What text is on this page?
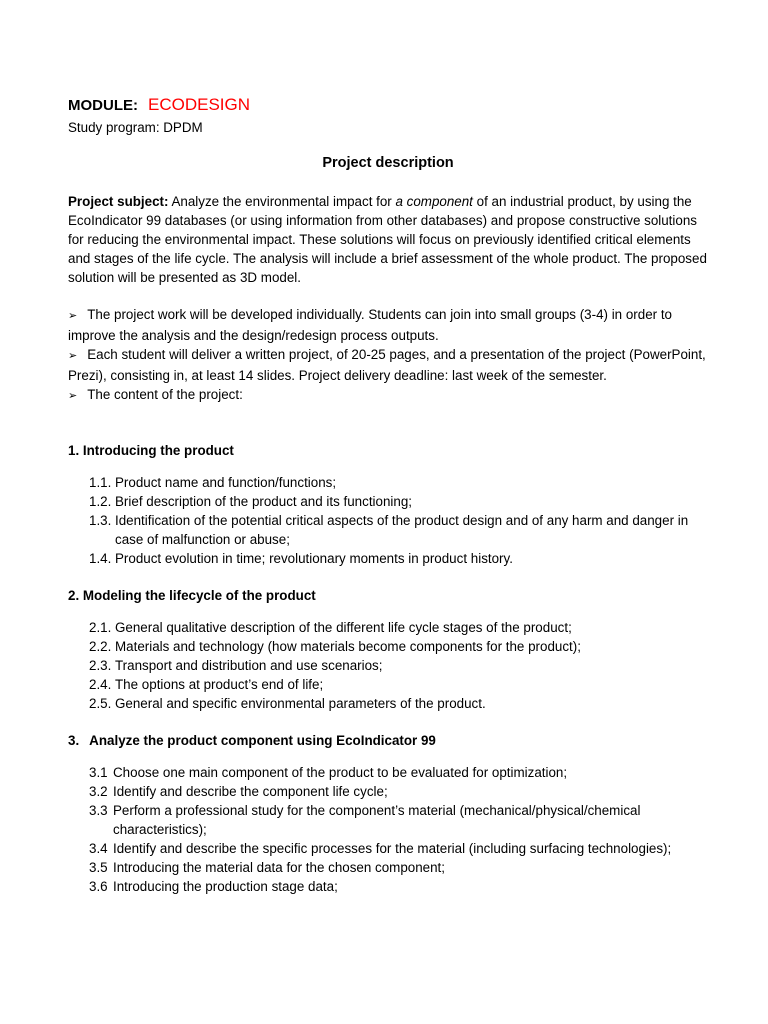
MODULE: ECODESIGN
Study program: DPDM
Project description
Project subject: Analyze the environmental impact for a component of an industrial product, by using the EcoIndicator 99 databases (or using information from other databases) and propose constructive solutions for reducing the environmental impact. These solutions will focus on previously identified critical elements and stages of the life cycle. The analysis will include a brief assessment of the whole product. The proposed solution will be presented as 3D model.
➢ The project work will be developed individually. Students can join into small groups (3-4) in order to improve the analysis and the design/redesign process outputs.
➢ Each student will deliver a written project, of 20-25 pages, and a presentation of the project (PowerPoint, Prezi), consisting in, at least 14 slides. Project delivery deadline: last week of the semester.
➢ The content of the project:
1. Introducing the product
1.1. Product name and function/functions;
1.2. Brief description of the product and its functioning;
1.3. Identification of the potential critical aspects of the product design and of any harm and danger in case of malfunction or abuse;
1.4. Product evolution in time; revolutionary moments in product history.
2. Modeling the lifecycle of the product
2.1. General qualitative description of the different life cycle stages of the product;
2.2. Materials and technology (how materials become components for the product);
2.3. Transport and distribution and use scenarios;
2.4. The options at product’s end of life;
2.5. General and specific environmental parameters of the product.
3. Analyze the product component using EcoIndicator 99
3.1 Choose one main component of the product to be evaluated for optimization;
3.2 Identify and describe the component life cycle;
3.3 Perform a professional study for the component’s material (mechanical/physical/chemical characteristics);
3.4 Identify and describe the specific processes for the material (including surfacing technologies);
3.5 Introducing the material data for the chosen component;
3.6 Introducing the production stage data;
